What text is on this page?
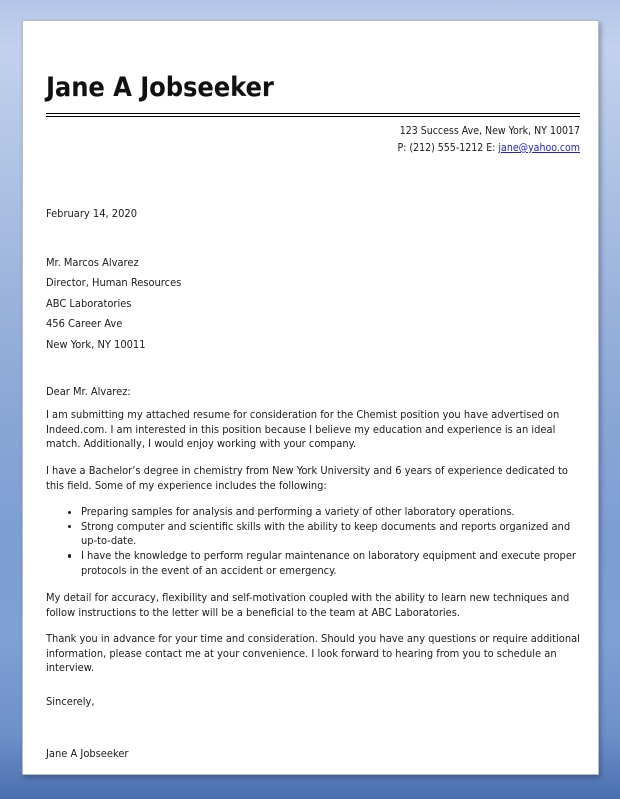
Jane A Jobseeker
123 Success Ave, New York, NY 10017
P: (212) 555-1212 E: jane@yahoo.com
February 14, 2020
Mr. Marcos Alvarez
Director, Human Resources
ABC Laboratories
456 Career Ave
New York, NY 10011
Dear Mr. Alvarez:
I am submitting my attached resume for consideration for the Chemist position you have advertised on Indeed.com. I am interested in this position because I believe my education and experience is an ideal match. Additionally, I would enjoy working with your company.
I have a Bachelor’s degree in chemistry from New York University and 6 years of experience dedicated to this field. Some of my experience includes the following:
Preparing samples for analysis and performing a variety of other laboratory operations.
Strong computer and scientific skills with the ability to keep documents and reports organized and up-to-date.
I have the knowledge to perform regular maintenance on laboratory equipment and execute proper protocols in the event of an accident or emergency.
My detail for accuracy, flexibility and self-motivation coupled with the ability to learn new techniques and follow instructions to the letter will be a beneficial to the team at ABC Laboratories.
Thank you in advance for your time and consideration. Should you have any questions or require additional information, please contact me at your convenience. I look forward to hearing from you to schedule an interview.
Sincerely,
Jane A Jobseeker
